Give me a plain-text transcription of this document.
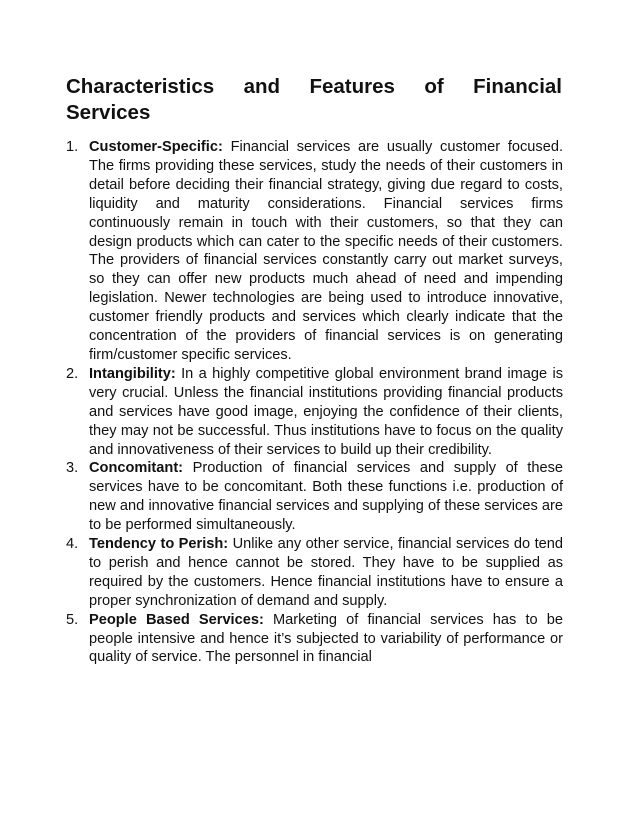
Characteristics and Features of Financial
Services
1. Customer-Specific: Financial services are usually customer focused. The firms providing these services, study the needs of their customers in detail before deciding their financial strategy, giving due regard to costs, liquidity and maturity considerations. Financial services firms continuously remain in touch with their customers, so that they can design products which can cater to the specific needs of their customers. The providers of financial services constantly carry out market surveys, so they can offer new products much ahead of need and impending legislation. Newer technologies are being used to introduce innovative, customer friendly products and services which clearly indicate that the concentration of the providers of financial services is on generating firm/customer specific services.
2. Intangibility: In a highly competitive global environment brand image is very crucial. Unless the financial institutions providing financial products and services have good image, enjoying the confidence of their clients, they may not be successful. Thus institutions have to focus on the quality and innovativeness of their services to build up their credibility.
3. Concomitant: Production of financial services and supply of these services have to be concomitant. Both these functions i.e. production of new and innovative financial services and supplying of these services are to be performed simultaneously.
4. Tendency to Perish: Unlike any other service, financial services do tend to perish and hence cannot be stored. They have to be supplied as required by the customers. Hence financial institutions have to ensure a proper synchronization of demand and supply.
5. People Based Services: Marketing of financial services has to be people intensive and hence it’s subjected to variability of performance or quality of service. The personnel in financial
